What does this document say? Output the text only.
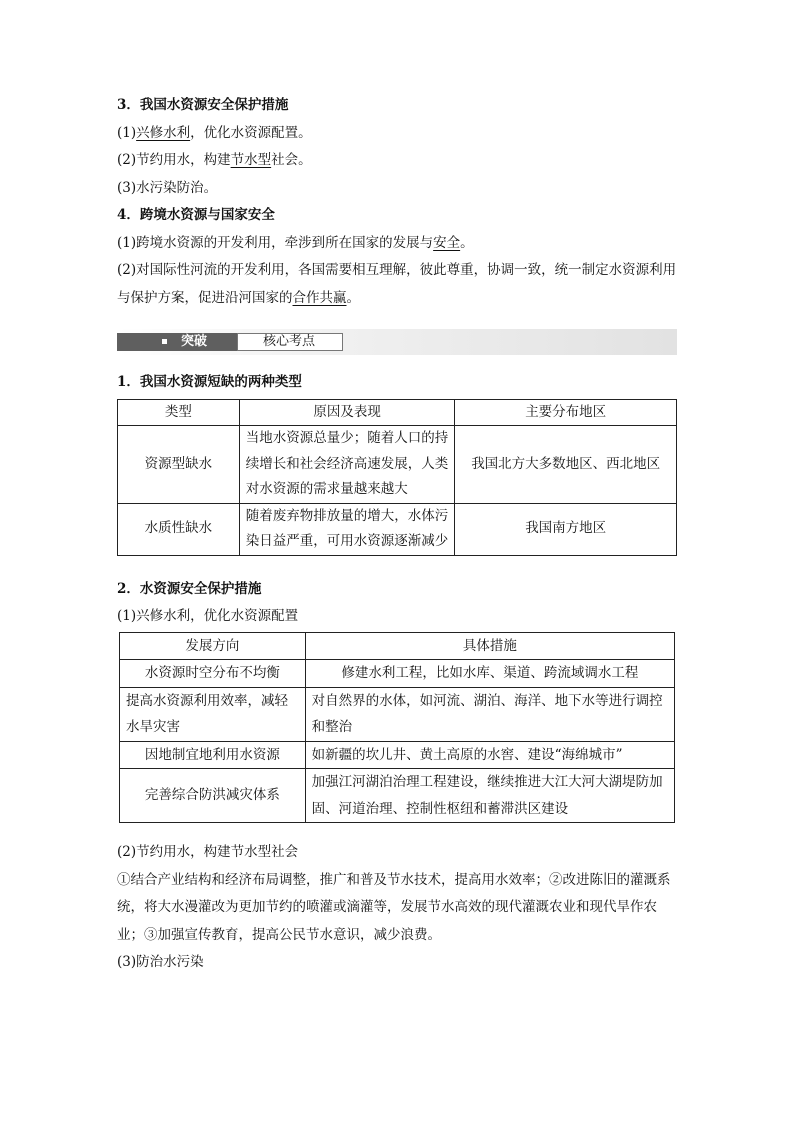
3．我国水资源安全保护措施

(1)兴修水利，优化水资源配置。

(2)节约用水，构建节水型社会。

(3)水污染防治。

4．跨境水资源与国家安全

(1)跨境水资源的开发利用，牵涉到所在国家的发展与安全。

(2)对国际性河流的开发利用，各国需要相互理解，彼此尊重，协调一致，统一制定水资源利用与保护方案，促进沿河国家的合作共赢。

突破	核心考点

1．我国水资源短缺的两种类型

类型	原因及表现	主要分布地区
资源型缺水	当地水资源总量少；随着人口的持续增长和社会经济高速发展，人类对水资源的需求量越来越大	我国北方大多数地区、西北地区
水质性缺水	随着废弃物排放量的增大，水体污染日益严重，可用水资源逐渐减少	我国南方地区

2．水资源安全保护措施

(1)兴修水利，优化水资源配置

发展方向	具体措施
水资源时空分布不均衡	修建水利工程，比如水库、渠道、跨流域调水工程
提高水资源利用效率，减轻水旱灾害	对自然界的水体，如河流、湖泊、海洋、地下水等进行调控和整治
因地制宜地利用水资源	如新疆的坎儿井、黄土高原的水窖、建设“海绵城市”
完善综合防洪减灾体系	加强江河湖泊治理工程建设，继续推进大江大河大湖堤防加固、河道治理、控制性枢纽和蓄滞洪区建设

(2)节约用水，构建节水型社会

①结合产业结构和经济布局调整，推广和普及节水技术，提高用水效率；②改进陈旧的灌溉系统，将大水漫灌改为更加节约的喷灌或滴灌等，发展节水高效的现代灌溉农业和现代旱作农业；③加强宣传教育，提高公民节水意识，减少浪费。

(3)防治水污染
